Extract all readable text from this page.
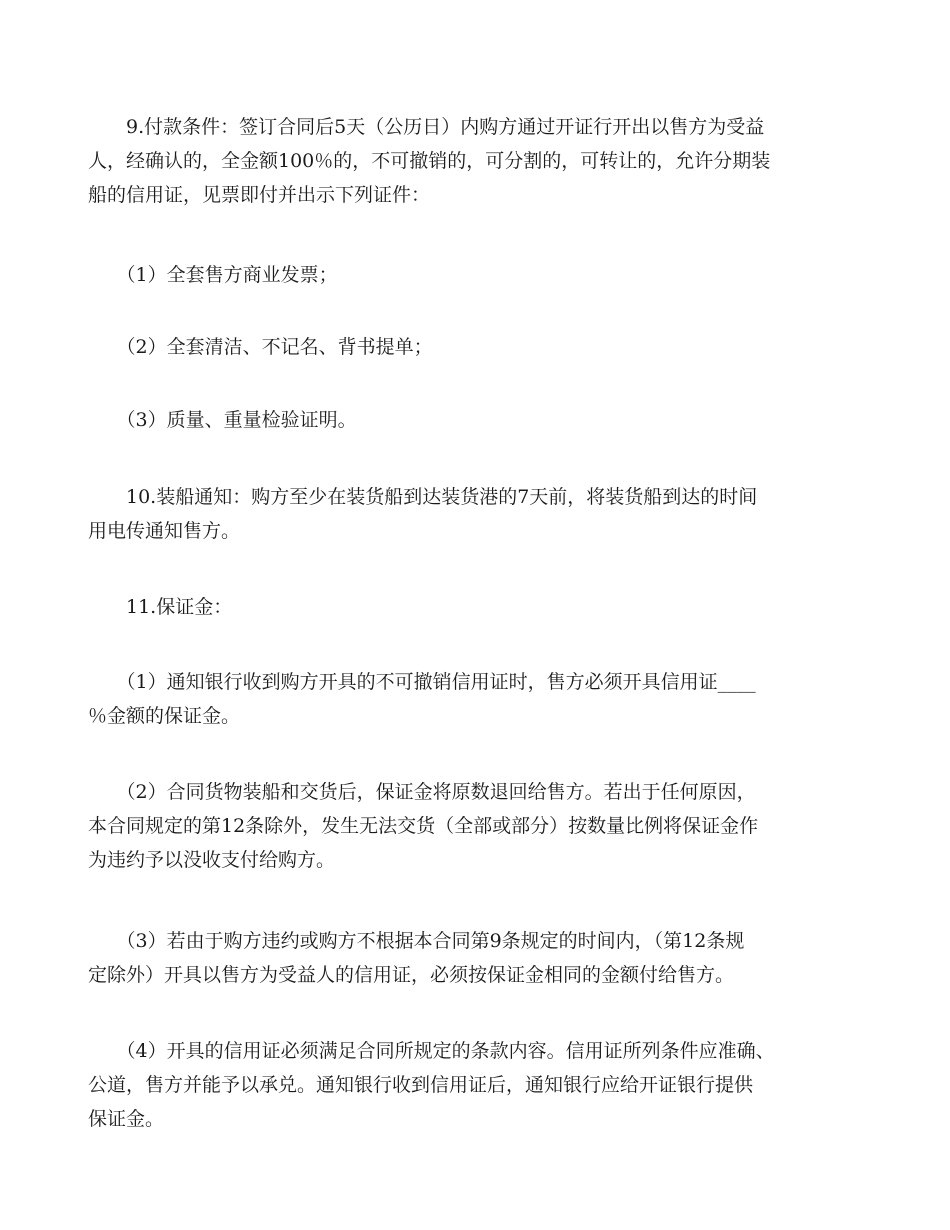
　　9.付款条件：签订合同后5天（公历日）内购方通过开证行开出以售方为受益
人，经确认的，全金额100％的，不可撤销的，可分割的，可转让的，允许分期装
船的信用证，见票即付并出示下列证件：

　　（1）全套售方商业发票；

　　（2）全套清洁、不记名、背书提单；

　　（3）质量、重量检验证明。

　　10.装船通知：购方至少在装货船到达装货港的7天前，将装货船到达的时间
用电传通知售方。

　　11.保证金：

　　（1）通知银行收到购方开具的不可撤销信用证时，售方必须开具信用证____
％金额的保证金。

　　（2）合同货物装船和交货后，保证金将原数退回给售方。若出于任何原因，
本合同规定的第12条除外，发生无法交货（全部或部分）按数量比例将保证金作
为违约予以没收支付给购方。

　　（3）若由于购方违约或购方不根据本合同第9条规定的时间内，（第12条规
定除外）开具以售方为受益人的信用证，必须按保证金相同的金额付给售方。

　　（4）开具的信用证必须满足合同所规定的条款内容。信用证所列条件应准确、
公道，售方并能予以承兑。通知银行收到信用证后，通知银行应给开证银行提供
保证金。
